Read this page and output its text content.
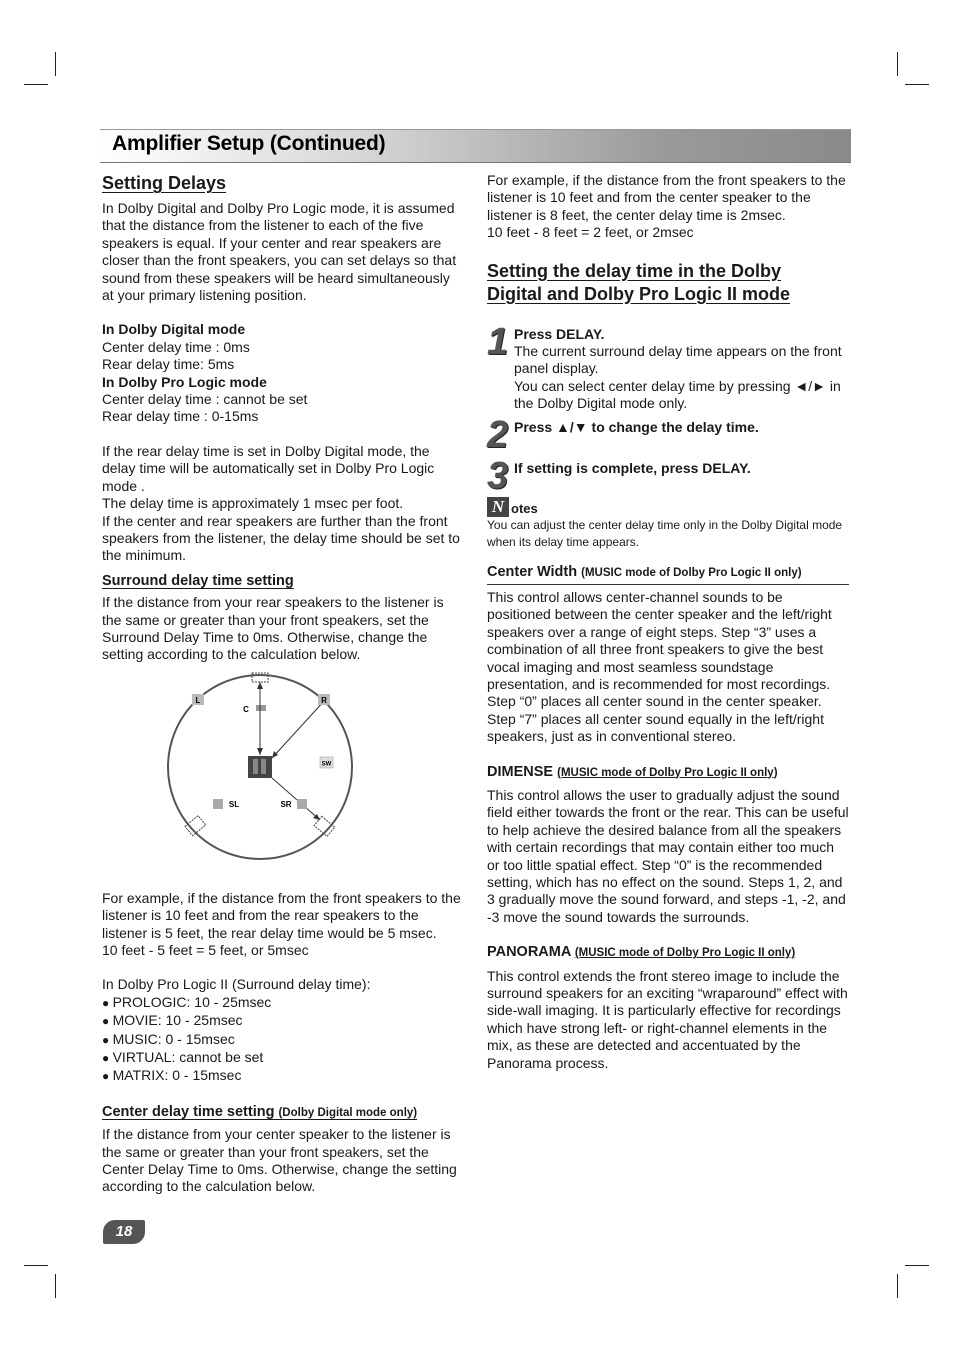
Amplifier Setup (Continued)
Setting Delays

In Dolby Digital and Dolby Pro Logic mode, it is assumed that the distance from the listener to each of the five speakers is equal. If your center and rear speakers are closer than the front speakers, you can set delays so that sound from these speakers will be heard simultaneously at your primary listening position.

In Dolby Digital mode

Center delay time : 0ms

Rear delay time: 5ms

In Dolby Pro Logic mode

Center delay time : cannot be set

Rear delay time : 0-15ms

If the rear delay time is set in Dolby Digital mode, the delay time will be automatically set in Dolby Pro Logic mode .

The delay time is approximately 1 msec per foot.

If the center and rear speakers are further than the front speakers from the listener, the delay time should be set to the minimum.

Surround delay time setting

If the distance from your rear speakers to the listener is the same or greater than your front speakers, set the Surround Delay Time to 0ms. Otherwise, change the setting according to the calculation below.

For example, if the distance from the front speakers to the listener is 10 feet and from the rear speakers to the listener is 5 feet, the rear delay time would be 5 msec.

10 feet - 5 feet = 5 feet, or 5msec

In Dolby Pro Logic II (Surround delay time):

● PROLOGIC: 10 - 25msec
● MOVIE: 10 - 25msec
● MUSIC: 0 - 15msec
● VIRTUAL: cannot be set
● MATRIX: 0 - 15msec
Center delay time setting (Dolby Digital mode only)

If the distance from your center speaker to the listener is the same or greater than your front speakers, set the Center Delay Time to 0ms. Otherwise, change the setting according to the calculation below.

L	R
C
SW
SL	SR

For example, if the distance from the front speakers to the listener is 10 feet and from the center speaker to the listener is 8 feet, the center delay time is 2msec.

10 feet - 8 feet = 2 feet, or 2msec

Setting the delay time in the Dolby
Digital and Dolby Pro Logic II mode
1 Press DELAY.

The current surround delay time appears on the front panel display.

You can select center delay time by pressing ◄/► in the Dolby Digital mode only.

2 Press ▲/▼ to change the delay time.

3 If setting is complete, press DELAY.

N otes

You can adjust the center delay time only in the Dolby Digital mode when its delay time appears.

Center Width (MUSIC mode of Dolby Pro Logic II only)

This control allows center-channel sounds to be positioned between the center speaker and the left/right speakers over a range of eight steps. Step “3” uses a combination of all three front speakers to give the best vocal imaging and most seamless soundstage presentation, and is recommended for most recordings. Step “0” places all center sound in the center speaker. Step “7” places all center sound equally in the left/right speakers, just as in conventional stereo.

DIMENSE (MUSIC mode of Dolby Pro Logic II only)

This control allows the user to gradually adjust the sound field either towards the front or the rear. This can be useful to help achieve the desired balance from all the speakers with certain recordings that may contain either too much or too little spatial effect. Step “0” is the recommended setting, which has no effect on the sound. Steps 1, 2, and 3 gradually move the sound forward, and steps -1, -2, and -3 move the sound towards the surrounds.

PANORAMA (MUSIC mode of Dolby Pro Logic II only)

This control extends the front stereo image to include the surround speakers for an exciting “wraparound” effect with side-wall imaging. It is particularly effective for recordings which have strong left- or right-channel elements in the mix, as these are detected and accentuated by the Panorama process.

18
